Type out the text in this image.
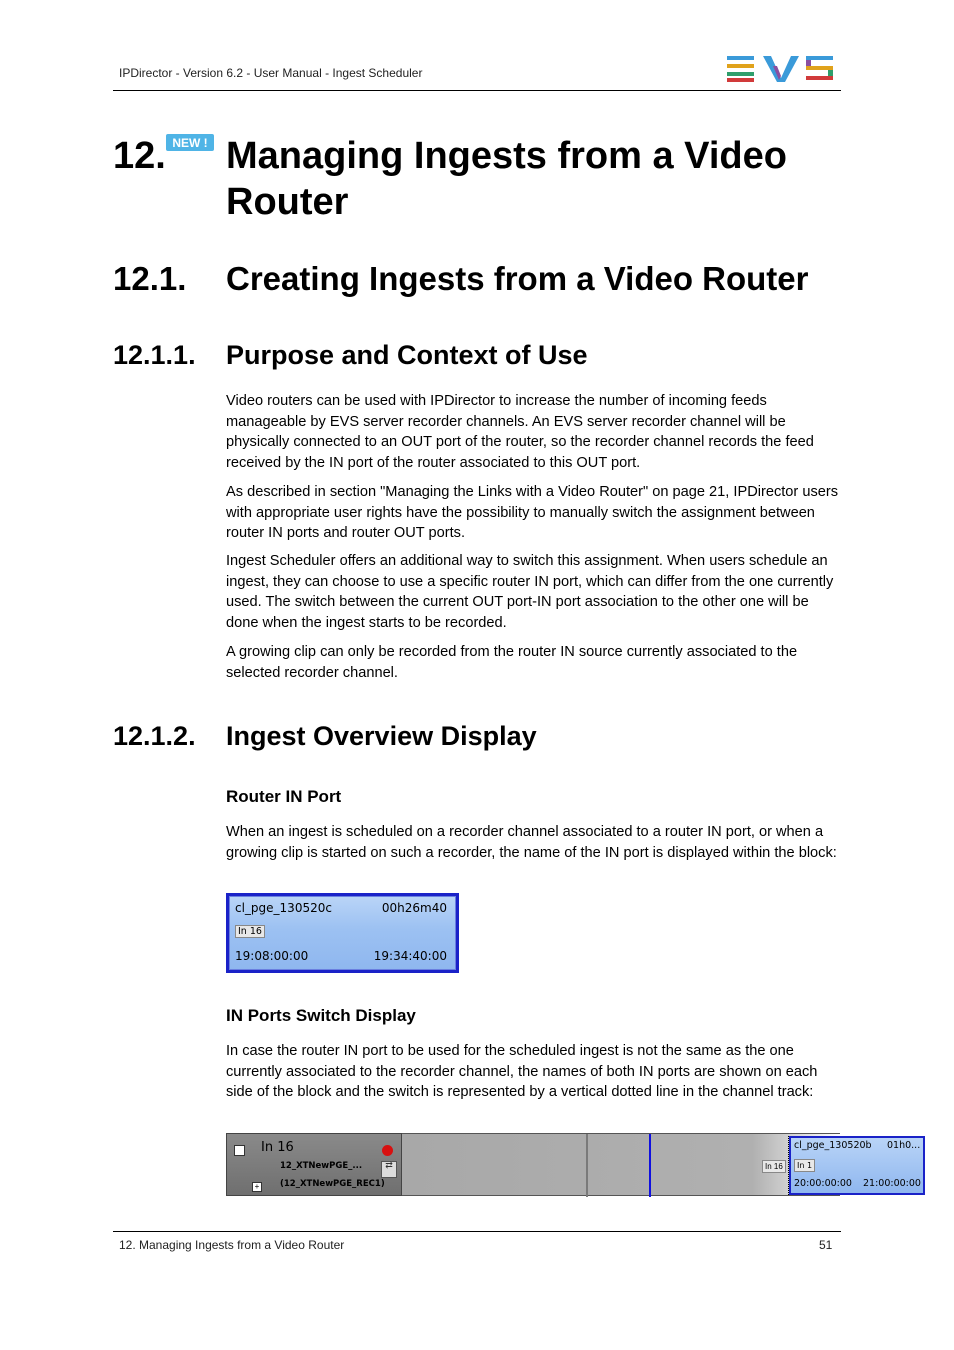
IPDirector - Version 6.2 - User Manual - Ingest Scheduler
12. NEW ! Managing Ingests from a Video Router
12.1. Creating Ingests from a Video Router
12.1.1. Purpose and Context of Use

Video routers can be used with IPDirector to increase the number of incoming feeds manageable by EVS server recorder channels. An EVS server recorder channel will be physically connected to an OUT port of the router, so the recorder channel records the feed received by the IN port of the router associated to this OUT port.

As described in section "Managing the Links with a Video Router" on page 21, IPDirector users with appropriate user rights have the possibility to manually switch the assignment between router IN ports and router OUT ports.

Ingest Scheduler offers an additional way to switch this assignment. When users schedule an ingest, they can choose to use a specific router IN port, which can differ from the one currently used. The switch between the current OUT port-IN port association to the other one will be done when the ingest starts to be recorded.

A growing clip can only be recorded from the router IN source currently associated to the selected recorder channel.

12.1.2. Ingest Overview Display
Router IN Port

When an ingest is scheduled on a recorder channel associated to a router IN port, or when a growing clip is started on such a recorder, the name of the IN port is displayed within the block:

cl_pge_130520c	00h26m40
In 16
19:08:00:00	19:34:40:00
IN Ports Switch Display

In case the router IN port to be used for the scheduled ingest is not the same as the one currently associated to the recorder channel, the names of both IN ports are shown on each side of the block and the switch is represented by a vertical dotted line in the channel track:

In 16
12_XTNewPGE_...	⇄
+	(12_XTNewPGE_REC1)
In 16
cl_pge_130520b 01h0...
In 1
20:00:00:00 21:00:00:00
12. Managing Ingests from a Video Router	51
